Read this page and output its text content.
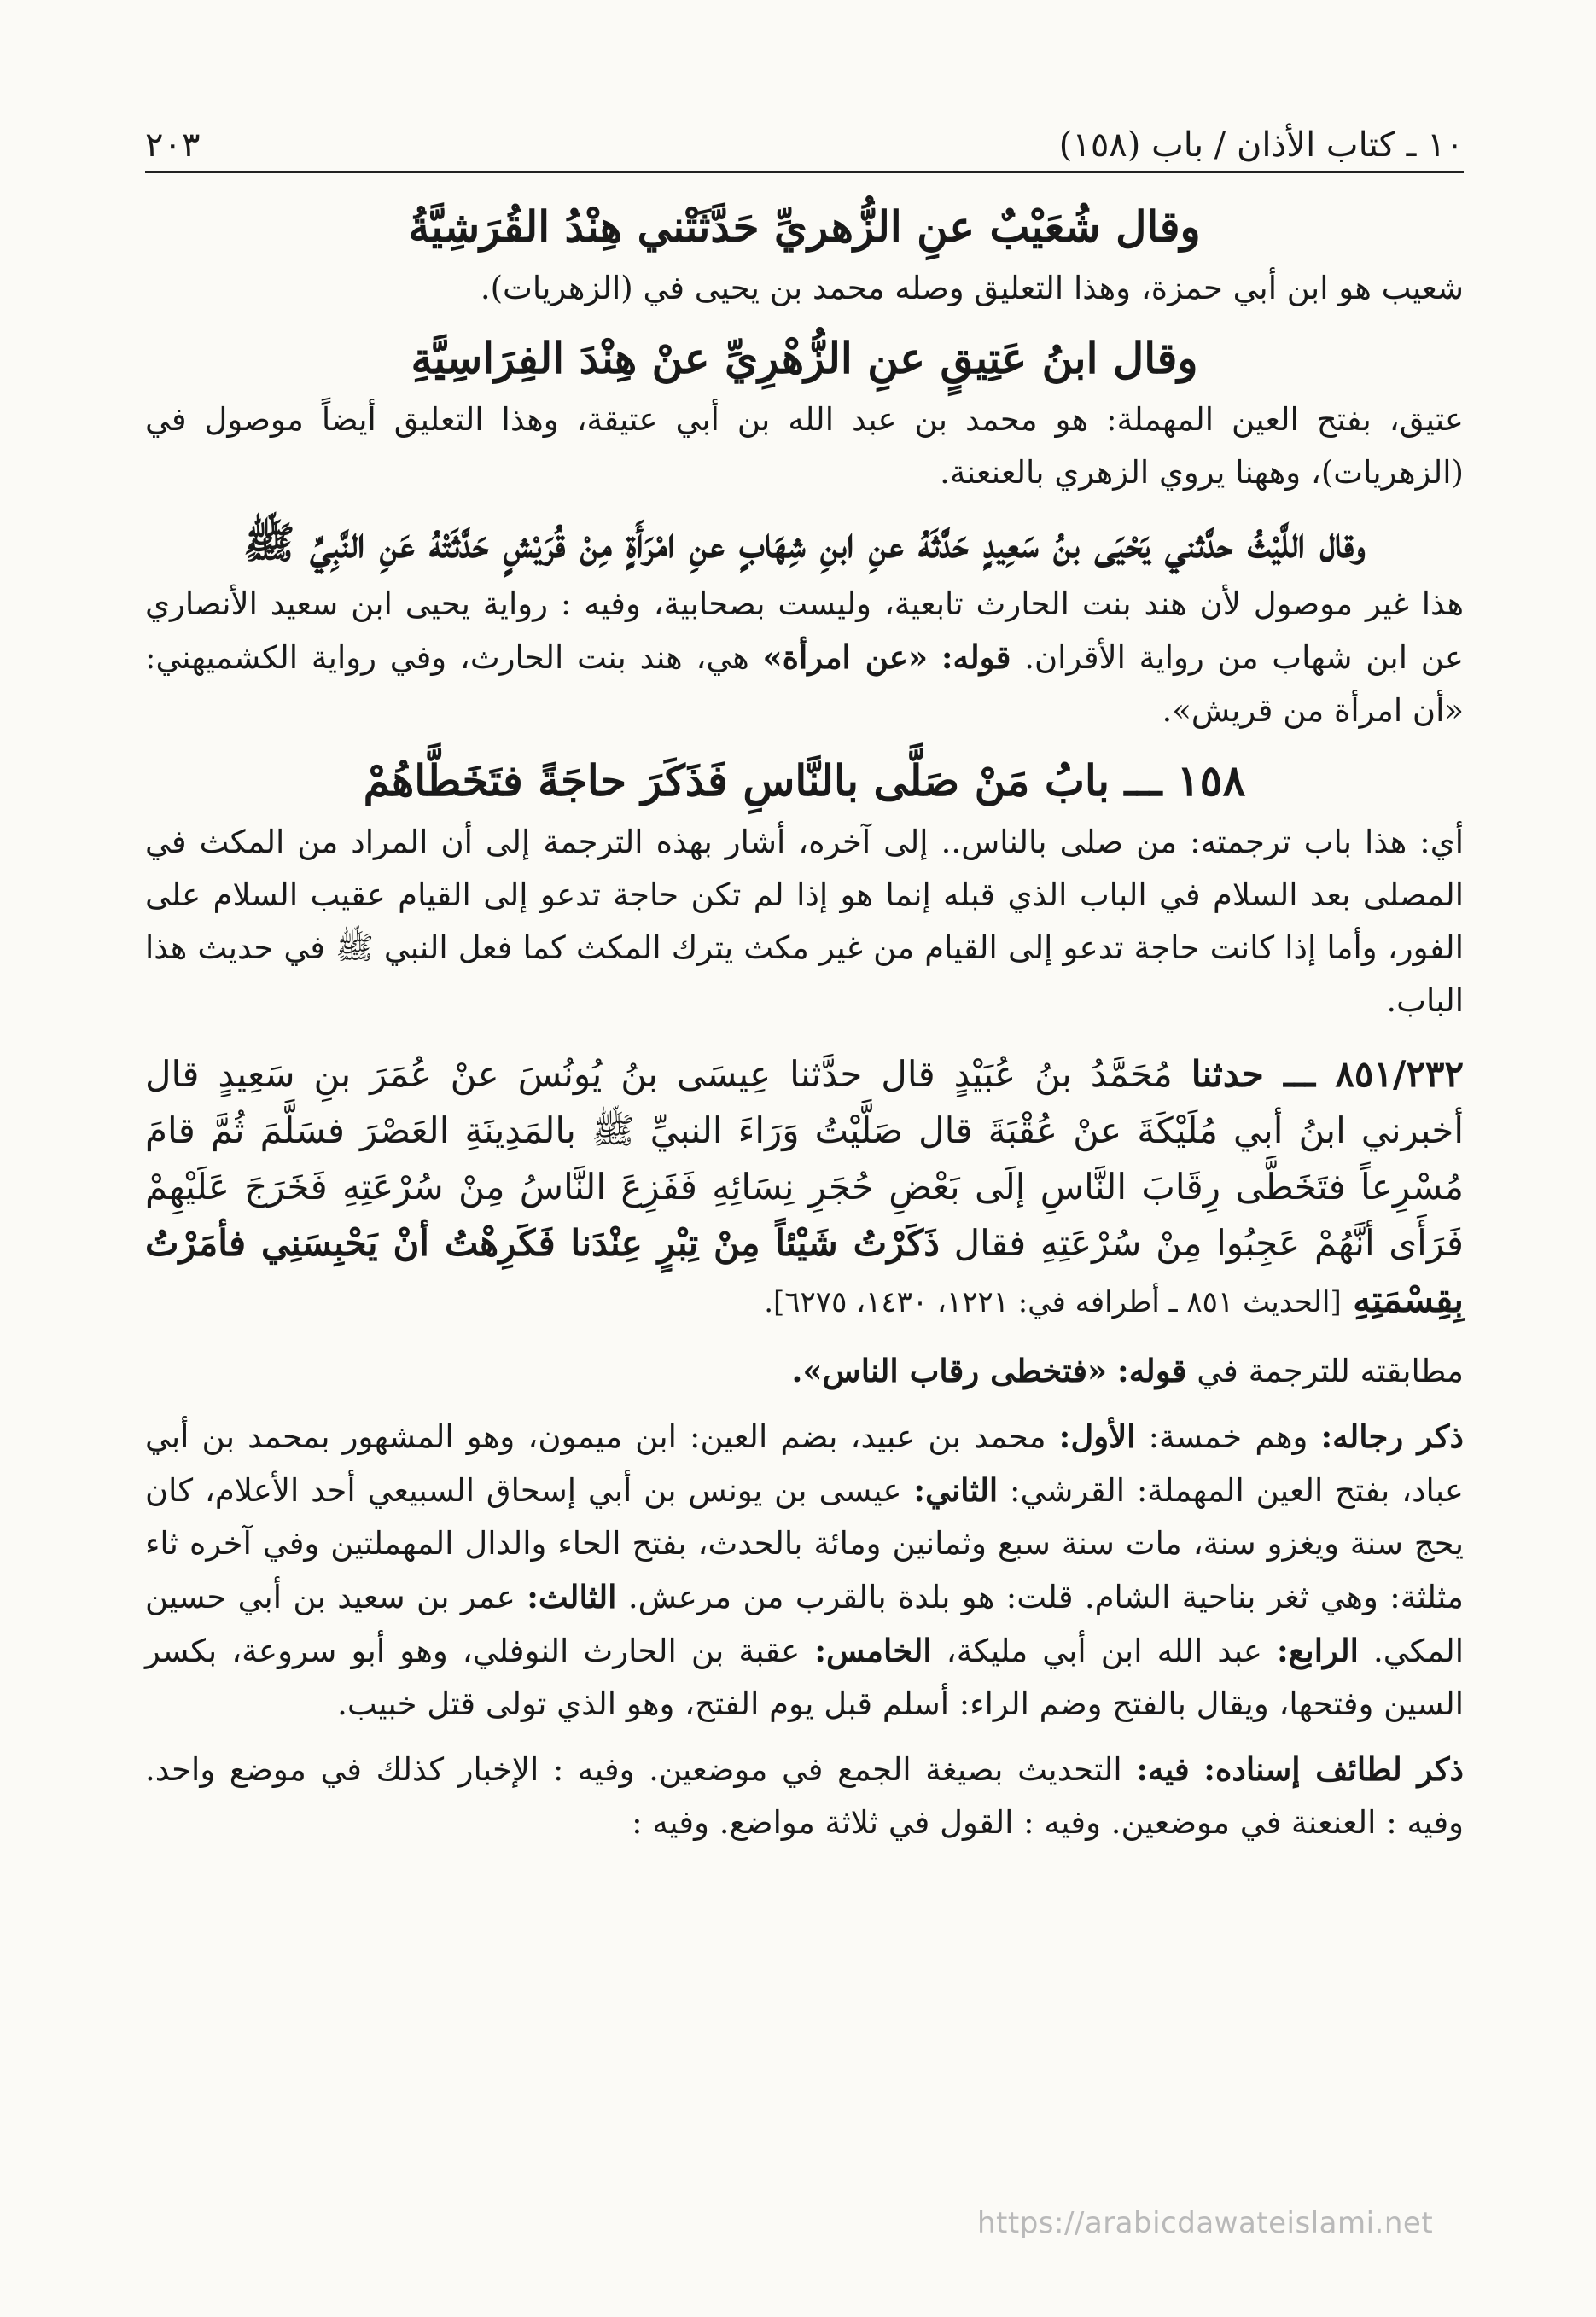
١٠ ـ كتاب الأذان / باب (١٥٨)
٢٠٣
وقال شُعَيْبٌ عنِ الزُّهريِّ حَدَّثَتْني هِنْدُ القُرَشِيَّةُ

شعيب هو ابن أبي حمزة، وهذا التعليق وصله محمد بن يحيى في (الزهريات).

وقال ابنُ عَتِيقٍ عنِ الزُّهْرِيِّ عنْ هِنْدَ الفِرَاسِيَّةِ

عتيق، بفتح العين المهملة: هو محمد بن عبد الله بن أبي عتيقة، وهذا التعليق أيضاً موصول في (الزهريات)، وههنا يروي الزهري بالعنعنة.

وقال اللَّيْثُ حدَّثني يَحْيَى بنُ سَعِيدٍ حَدَّثَهُ عنِ ابنِ شِهَابٍ عنِ امْرَأَةٍ مِنْ قُرَيْشٍ حَدَّثَتْهُ عَنِ النَّبِيِّ ﷺ

هذا غير موصول لأن هند بنت الحارث تابعية، وليست بصحابية، وفيه : رواية يحيى ابن سعيد الأنصاري عن ابن شهاب من رواية الأقران. قوله: «عن امرأة» هي، هند بنت الحارث، وفي رواية الكشميهني: «أن امرأة من قريش».

١٥٨ ـــ بابُ مَنْ صَلَّى بالنَّاسِ فَذَكَرَ حاجَةً فتَخَطَّاهُمْ

أي: هذا باب ترجمته: من صلى بالناس.. إلى آخره، أشار بهذه الترجمة إلى أن المراد من المكث في المصلى بعد السلام في الباب الذي قبله إنما هو إذا لم تكن حاجة تدعو إلى القيام عقيب السلام على الفور، وأما إذا كانت حاجة تدعو إلى القيام من غير مكث يترك المكث كما فعل النبي ﷺ في حديث هذا الباب.

٨٥١/٢٣٢ ـــ حدثنا مُحَمَّدُ بنُ عُبَيْدٍ قال حدَّثنا عِيسَى بنُ يُونُسَ عنْ عُمَرَ بنِ سَعِيدٍ قال أخبرني ابنُ أبي مُلَيْكَةَ عنْ عُقْبَةَ قال صَلَّيْتُ وَرَاءَ النبيِّ ﷺ بالمَدِينَةِ العَصْرَ فسَلَّمَ ثُمَّ قامَ مُسْرِعاً فتَخَطَّى رِقَابَ النَّاسِ إلَى بَعْضِ حُجَرِ نِسَائِهِ فَفَزِعَ النَّاسُ مِنْ سُرْعَتِهِ فَخَرَجَ عَلَيْهِمْ فَرَأَى أنَّهُمْ عَجِبُوا مِنْ سُرْعَتِهِ فقال ذَكَرْتُ شَيْئاً مِنْ تِبْرٍ عِنْدَنا فَكَرِهْتُ أنْ يَحْبِسَنِي فأمَرْتُ بِقِسْمَتِهِ [الحديث ٨٥١ ـ أطرافه في: ١٢٢١، ١٤٣٠، ٦٢٧٥].

مطابقته للترجمة في قوله: «فتخطى رقاب الناس».

ذكر رجاله: وهم خمسة: الأول: محمد بن عبيد، بضم العين: ابن ميمون، وهو المشهور بمحمد بن أبي عباد، بفتح العين المهملة: القرشي: الثاني: عيسى بن يونس بن أبي إسحاق السبيعي أحد الأعلام، كان يحج سنة ويغزو سنة، مات سنة سبع وثمانين ومائة بالحدث، بفتح الحاء والدال المهملتين وفي آخره ثاء مثلثة: وهي ثغر بناحية الشام. قلت: هو بلدة بالقرب من مرعش. الثالث: عمر بن سعيد بن أبي حسين المكي. الرابع: عبد الله ابن أبي مليكة، الخامس: عقبة بن الحارث النوفلي، وهو أبو سروعة، بكسر السين وفتحها، ويقال بالفتح وضم الراء: أسلم قبل يوم الفتح، وهو الذي تولى قتل خبيب.

ذكر لطائف إسناده: فيه: التحديث بصيغة الجمع في موضعين. وفيه : الإخبار كذلك في موضع واحد. وفيه : العنعنة في موضعين. وفيه : القول في ثلاثة مواضع. وفيه :

https://arabicdawateislami.net
